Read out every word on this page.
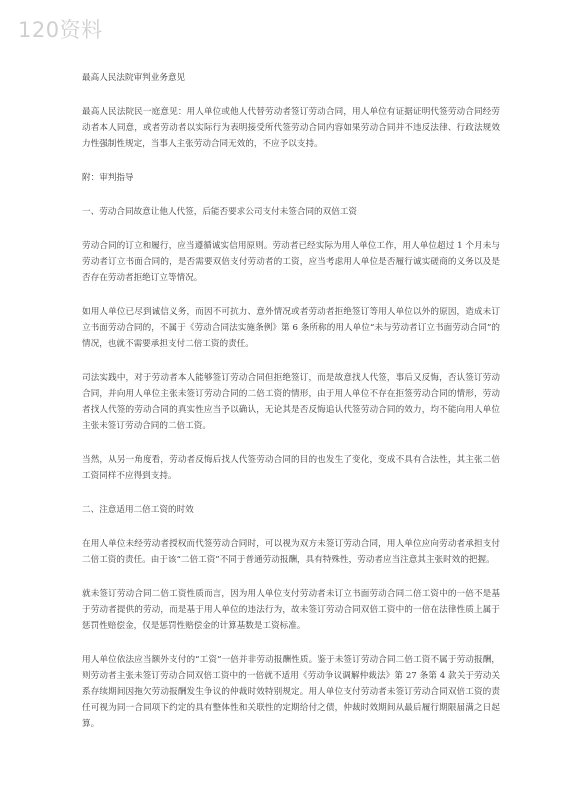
120资料

最高人民法院审判业务意见

最高人民法院民一庭意见：用人单位或他人代替劳动者签订劳动合同，用人单位有证据证明代签劳动合同经劳动者本人同意，或者劳动者以实际行为表明接受所代签劳动合同内容如果劳动合同并不违反法律、行政法规效力性强制性规定，当事人主张劳动合同无效的，不应予以支持。

附：审判指导

一、劳动合同故意让他人代签，后能否要求公司支付未签合同的双倍工资

劳动合同的订立和履行，应当遵循诚实信用原则。劳动者已经实际为用人单位工作，用人单位超过 1 个月未与劳动者订立书面合同的，是否需要双倍支付劳动者的工资，应当考虑用人单位是否履行诚实磋商的义务以及是否存在劳动者拒绝订立等情况。

如用人单位已尽到诚信义务，而因不可抗力、意外情况或者劳动者拒绝签订等用人单位以外的原因，造成未订立书面劳动合同的，不属于《劳动合同法实施条例》第 6 条所称的用人单位“未与劳动者订立书面劳动合同”的情况，也就不需要承担支付二倍工资的责任。

司法实践中，对于劳动者本人能够签订劳动合同但拒绝签订，而是故意找人代签，事后又反悔，否认签订劳动合同，并向用人单位主张未签订劳动合同的二倍工资的情形，由于用人单位不存在拒签劳动合同的情形，劳动者找人代签的劳动合同的真实性应当予以确认，无论其是否反悔追认代签劳动合同的效力，均不能向用人单位主张未签订劳动合同的二倍工资。

当然，从另一角度看，劳动者反悔后找人代签劳动合同的目的也发生了变化，变成不具有合法性，其主张二倍工资同样不应得到支持。

二、注意适用二倍工资的时效

在用人单位未经劳动者授权而代签劳动合同时，可以视为双方未签订劳动合同，用人单位应向劳动者承担支付二倍工资的责任。由于该“二倍工资”不同于普通劳动报酬，具有特殊性，劳动者应当注意其主张时效的把握。

就未签订劳动合同二倍工资性质而言，因为用人单位支付劳动者未订立书面劳动合同二倍工资中的一倍不是基于劳动者提供的劳动，而是基于用人单位的违法行为，故未签订劳动合同双倍工资中的一倍在法律性质上属于惩罚性赔偿金，仅是惩罚性赔偿金的计算基数是工资标准。

用人单位依法应当额外支付的“工资”一倍并非劳动报酬性质。鉴于未签订劳动合同二倍工资不属于劳动报酬，则劳动者主张未签订劳动合同双倍工资中的一倍就不适用《劳动争议调解仲裁法》第 27 条第 4 款关于劳动关系存续期间因拖欠劳动报酬发生争议的仲裁时效特别规定。用人单位支付劳动者未签订劳动合同双倍工资的责任可视为同一合同项下约定的具有整体性和关联性的定期给付之债，仲裁时效期间从最后履行期限届满之日起算。
